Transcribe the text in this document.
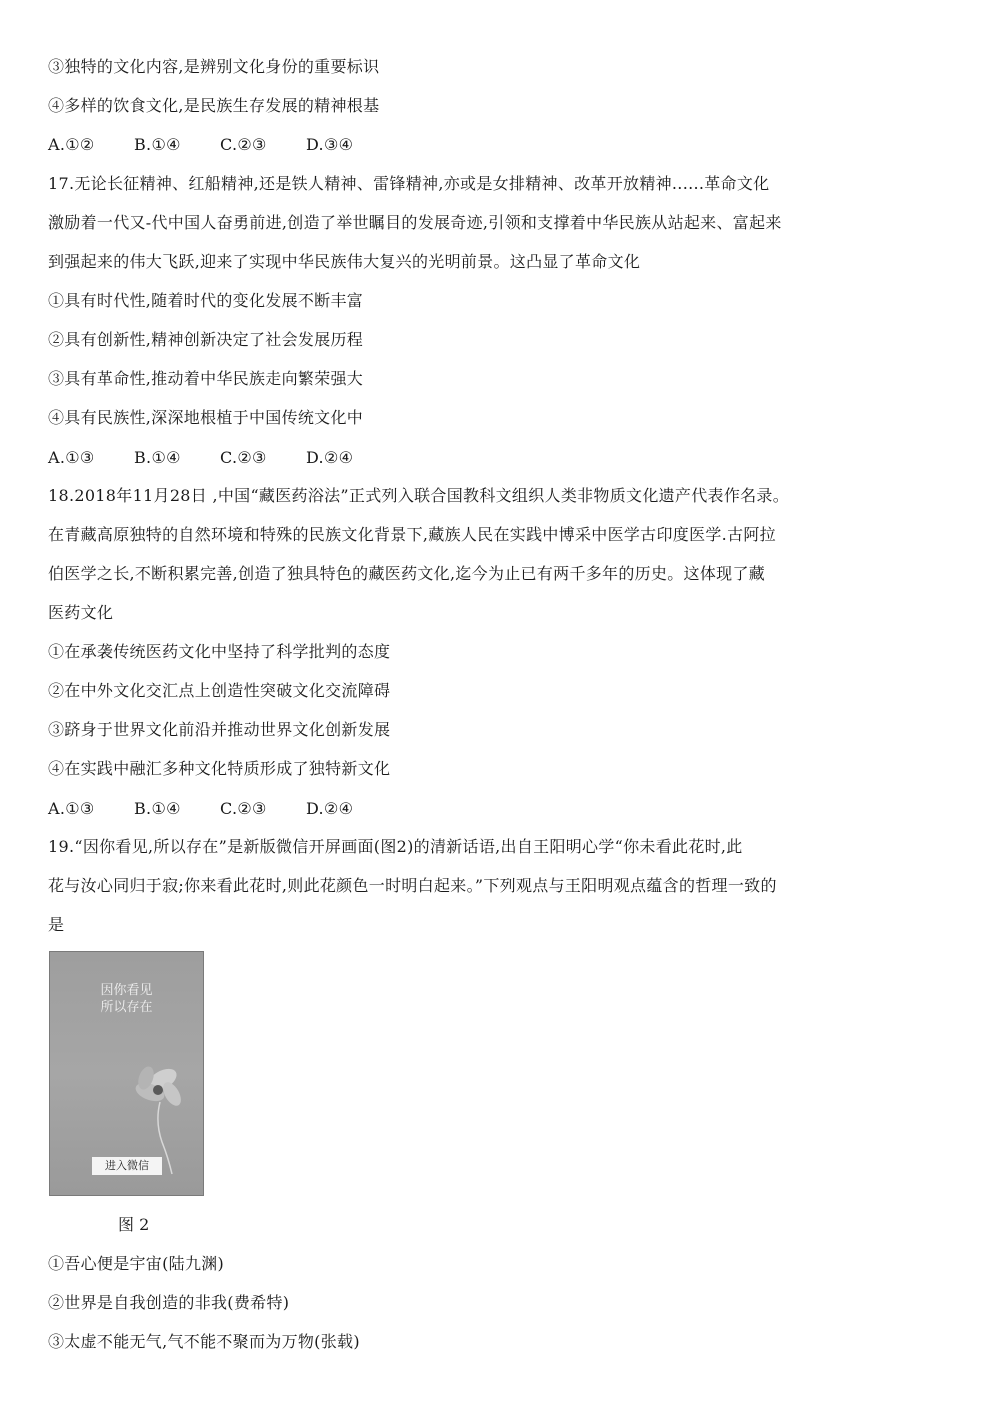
③独特的文化内容,是辨别文化身份的重要标识
④多样的饮食文化,是民族生存发展的精神根基
A.①② B.①④ C.②③ D.③④
17.无论长征精神、红船精神,还是铁人精神、雷锋精神,亦或是女排精神、改革开放精神......革命文化
激励着一代又-代中国人奋勇前进,创造了举世瞩目的发展奇迹,引领和支撑着中华民族从站起来、富起来
到强起来的伟大飞跃,迎来了实现中华民族伟大复兴的光明前景。这凸显了革命文化
①具有时代性,随着时代的变化发展不断丰富
②具有创新性,精神创新决定了社会发展历程
③具有革命性,推动着中华民族走向繁荣强大
④具有民族性,深深地根植于中国传统文化中
A.①③ B.①④ C.②③ D.②④
18.2018年11月28日 ,中国“藏医药浴法”正式列入联合国教科文组织人类非物质文化遗产代表作名录。
在青藏高原独特的自然环境和特殊的民族文化背景下,藏族人民在实践中博采中医学古印度医学.古阿拉
伯医学之长,不断积累完善,创造了独具特色的藏医药文化,迄今为止已有两千多年的历史。这体现了藏
医药文化
①在承袭传统医药文化中坚持了科学批判的态度
②在中外文化交汇点上创造性突破文化交流障碍
③跻身于世界文化前沿并推动世界文化创新发展
④在实践中融汇多种文化特质形成了独特新文化
A.①③ B.①④ C.②③ D.②④
19.“因你看见,所以存在”是新版微信开屏画面(图2)的清新话语,出自王阳明心学“你未看此花时,此
花与汝心同归于寂;你来看此花时,则此花颜色一时明白起来。”下列观点与王阳明观点蕴含的哲理一致的
是
因你看见
所以存在
进入微信
图 2
①吾心便是宇宙(陆九渊)
②世界是自我创造的非我(费希特)
③太虚不能无气,气不能不聚而为万物(张载)
